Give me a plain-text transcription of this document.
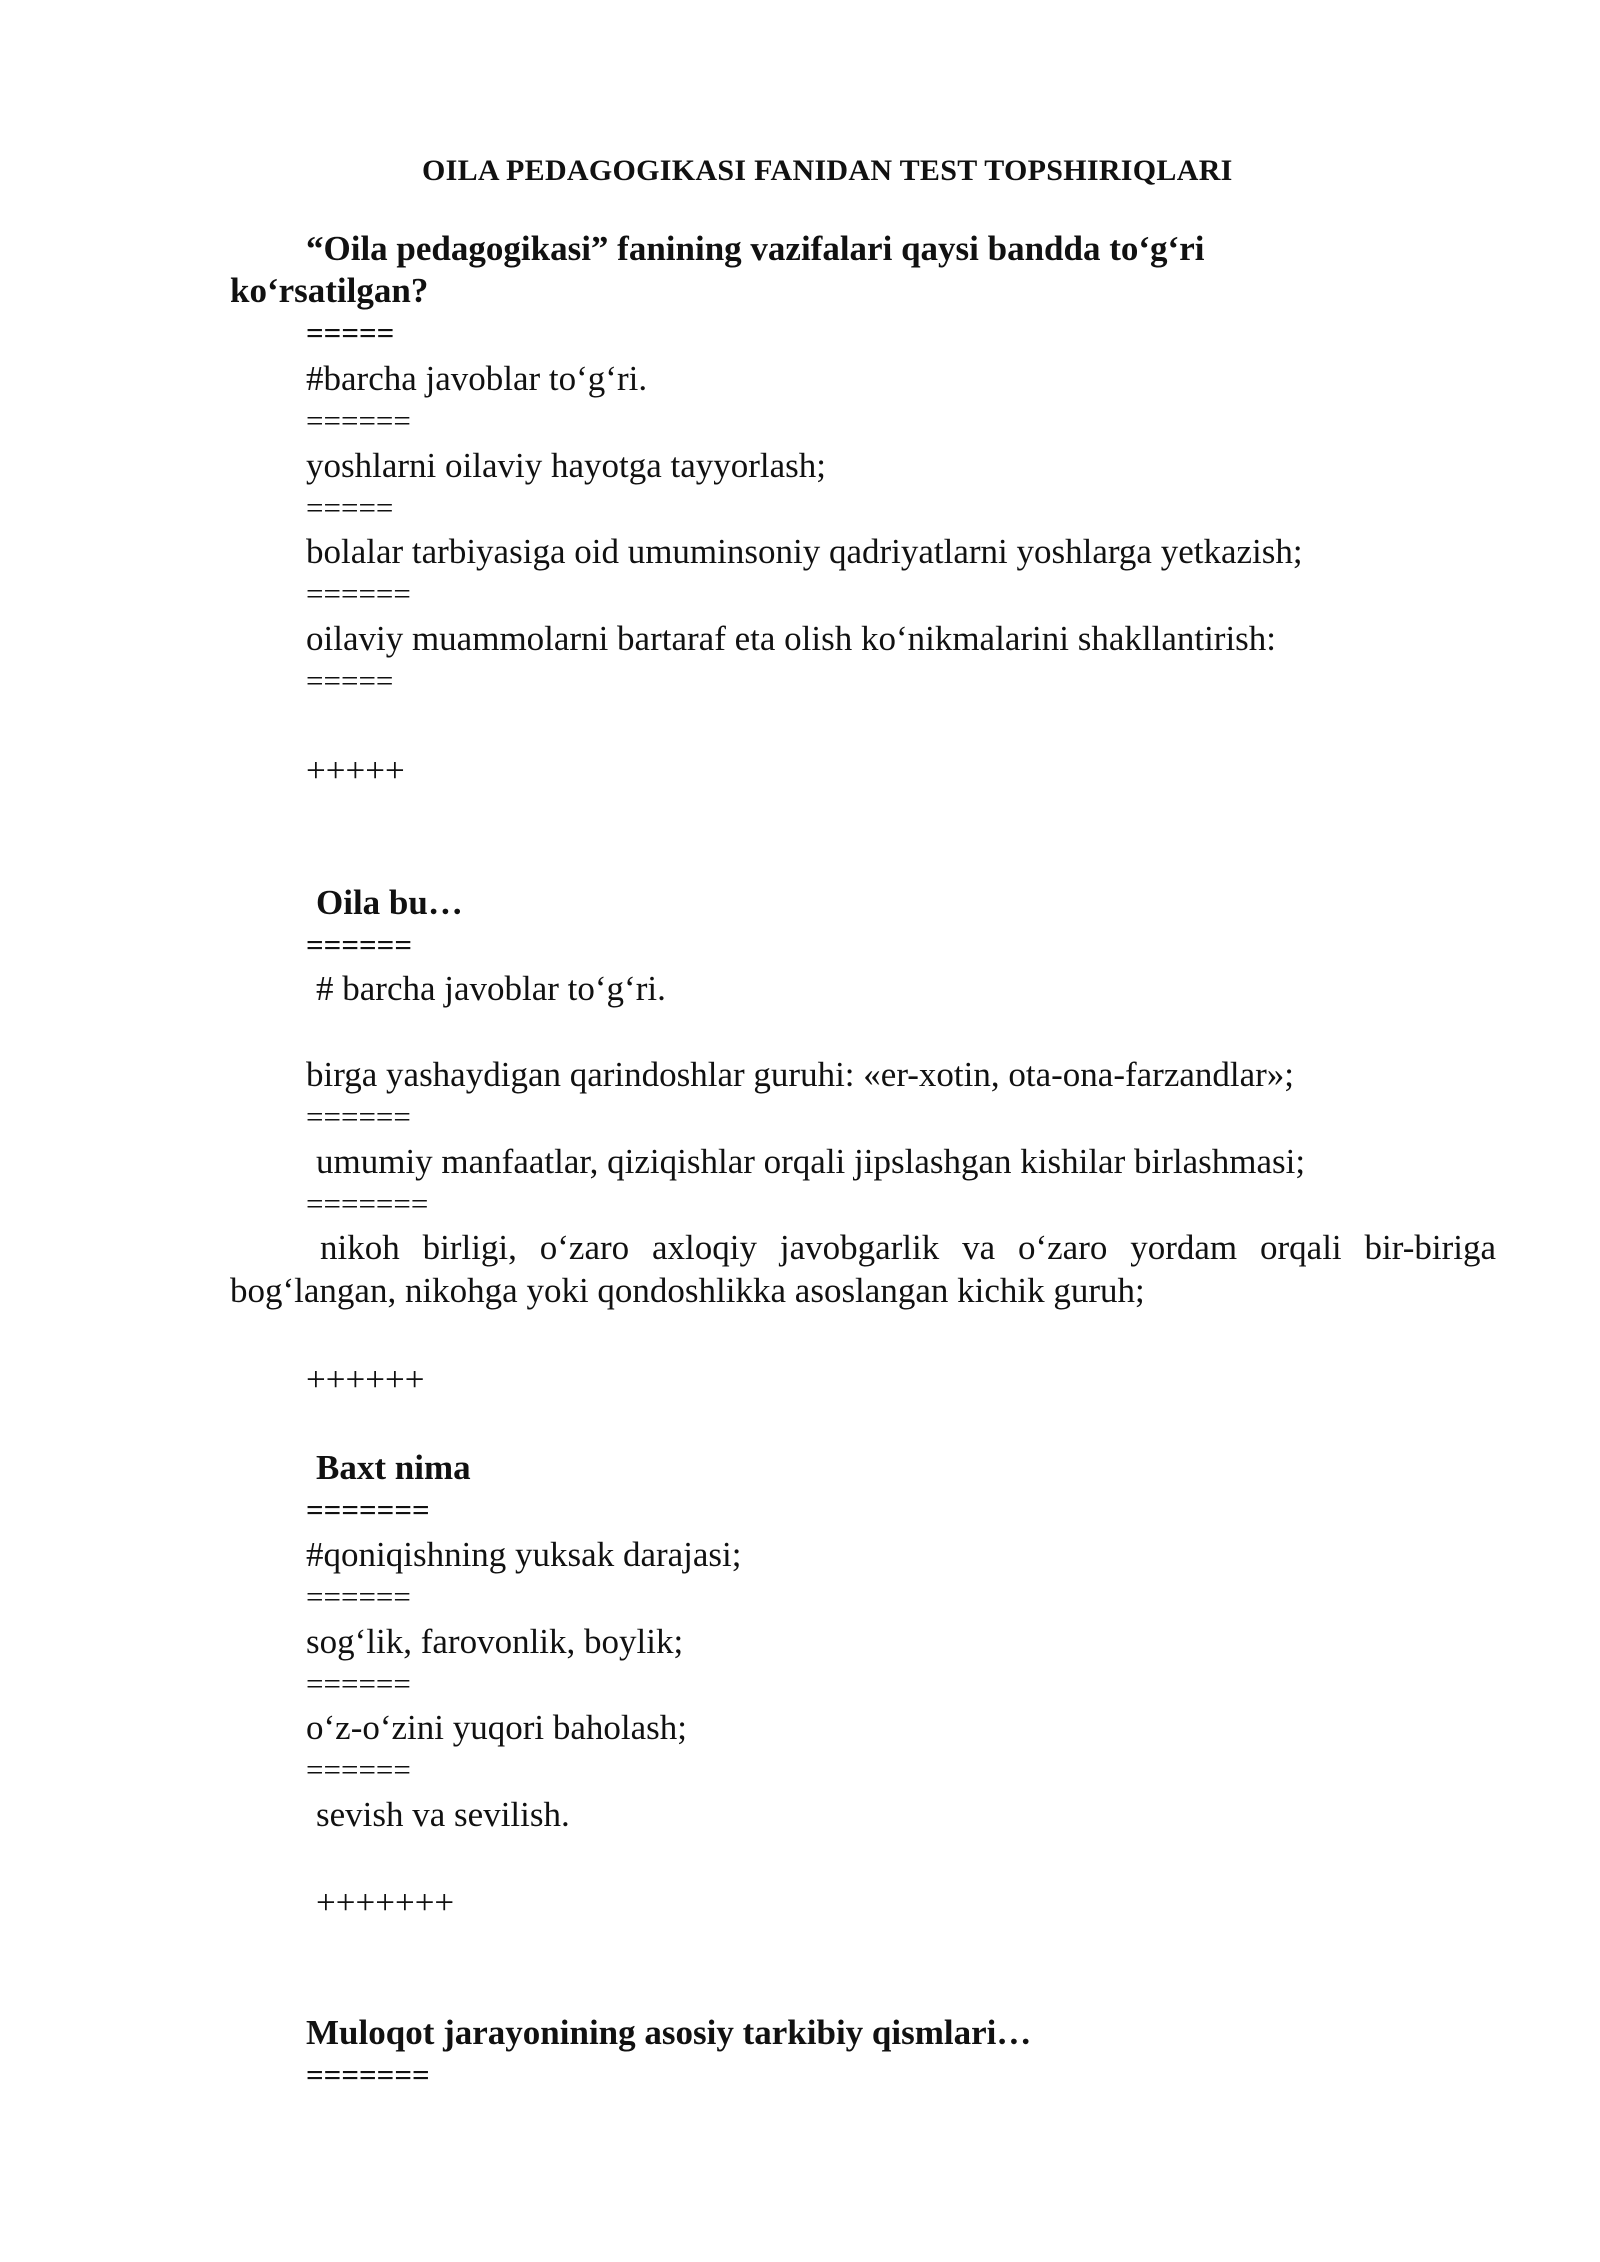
OILA PEDAGOGIKASI FANIDAN TEST TOPSHIRIQLARI
“Oila pedagogikasi” fanining vazifalari qaysi bandda to‘g‘ri
ko‘rsatilgan?
=====
#barcha javoblar to‘g‘ri.
======
yoshlarni oilaviy hayotga tayyorlash;
=====
bolalar tarbiyasiga oid umuminsoniy qadriyatlarni yoshlarga yetkazish;
======
oilaviy muammolarni bartaraf eta olish ko‘nikmalarini shakllantirish:
=====
+++++
Oila bu…
======
# barcha javoblar to‘g‘ri.
birga yashaydigan qarindoshlar guruhi: «er-xotin, ota-ona-farzandlar»;
======
umumiy manfaatlar, qiziqishlar orqali jipslashgan kishilar birlashmasi;
=======
nikoh birligi, o‘zaro axloqiy javobgarlik va o‘zaro yordam orqali bir-biriga
bog‘langan, nikohga yoki qondoshlikka asoslangan kichik guruh;
++++++
Baxt nima
=======
#qoniqishning yuksak darajasi;
======
sog‘lik, farovonlik, boylik;
======
o‘z-o‘zini yuqori baholash;
======
sevish va sevilish.
+++++++
Muloqot jarayonining asosiy tarkibiy qismlari…
=======
